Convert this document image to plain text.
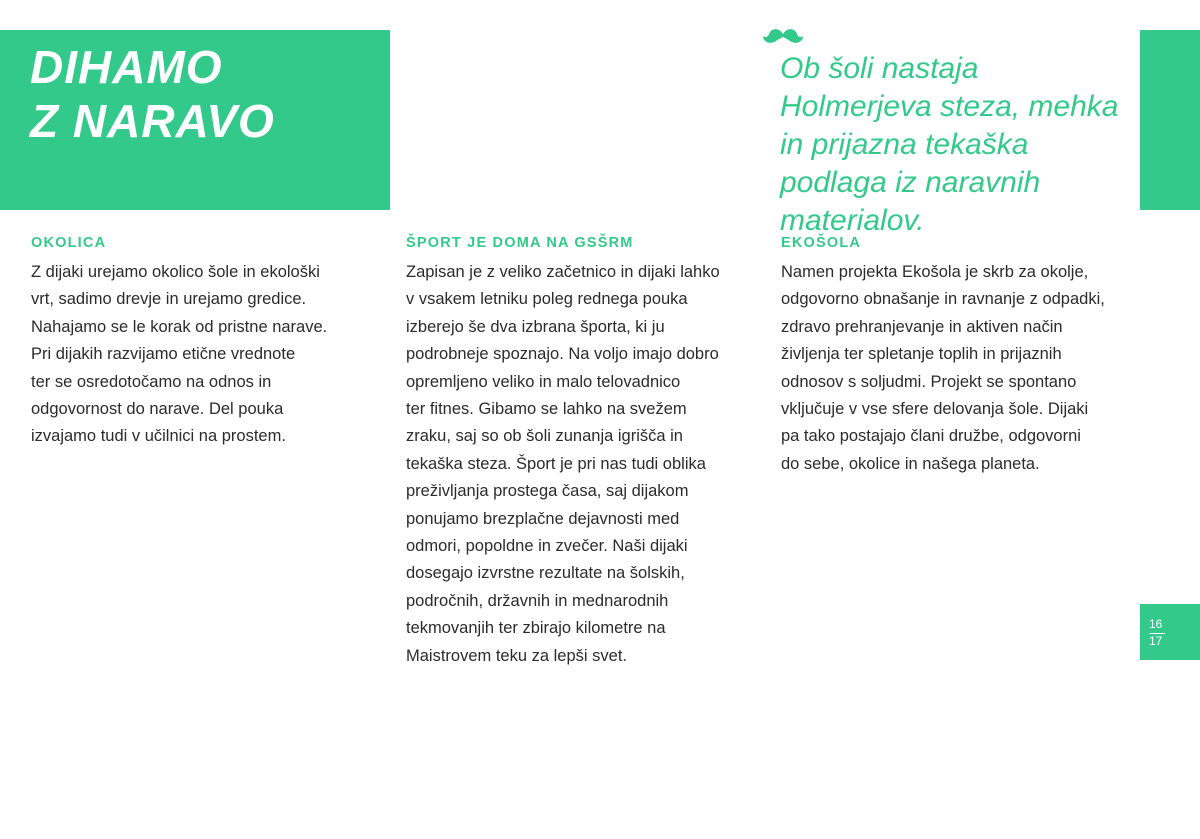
DIHAMO
Z NARAVO

Ob šoli nastaja Holmerjeva steza, mehka in prijazna tekaška podlaga iz naravnih materialov.

OKOLICA

Z dijaki urejamo okolico šole in ekološki
vrt, sadimo drevje in urejamo gredice.
Nahajamo se le korak od pristne narave.
Pri dijakih razvijamo etične vrednote
ter se osredotočamo na odnos in
odgovornost do narave. Del pouka
izvajamo tudi v učilnici na prostem.

ŠPORT JE DOMA NA GSŠRM

Zapisan je z veliko začetnico in dijaki lahko
v vsakem letniku poleg rednega pouka
izberejo še dva izbrana športa, ki ju
podrobneje spoznajo. Na voljo imajo dobro
opremljeno veliko in malo telovadnico
ter fitnes. Gibamo se lahko na svežem
zraku, saj so ob šoli zunanja igrišča in
tekaška steza. Šport je pri nas tudi oblika
preživljanja prostega časa, saj dijakom
ponujamo brezplačne dejavnosti med
odmori, popoldne in zvečer. Naši dijaki
dosegajo izvrstne rezultate na šolskih,
področnih, državnih in mednarodnih
tekmovanjih ter zbirajo kilometre na
Maistrovem teku za lepši svet.

EKOŠOLA

Namen projekta Ekošola je skrb za okolje,
odgovorno obnašanje in ravnanje z odpadki,
zdravo prehranjevanje in aktiven način
življenja ter spletanje toplih in prijaznih
odnosov s soljudmi. Projekt se spontano
vključuje v vse sfere delovanja šole. Dijaki
pa tako postajajo člani družbe, odgovorni
do sebe, okolice in našega planeta.

16
17
